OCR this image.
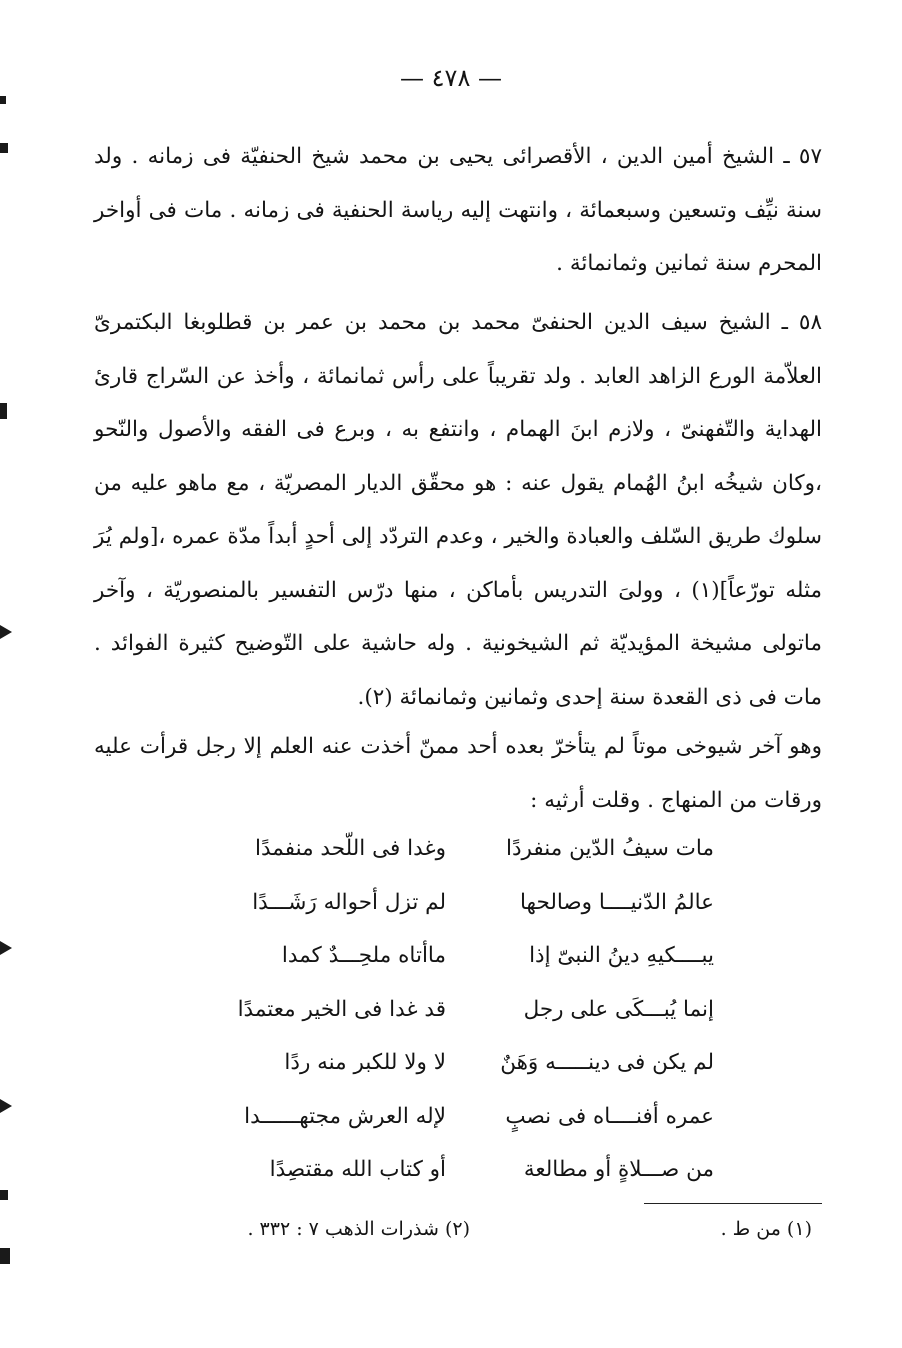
— ٤٧٨ —
٥٧ ـ الشيخ أمين الدين ، الأقصرائى يحيى بن محمد شيخ الحنفيّة فى زمانه . ولد سنة نيِّف وتسعين وسبعمائة ، وانتهت إليه رياسة الحنفية فى زمانه . مات فى أواخر المحرم سنة ثمانين وثمانمائة .
٥٨ ـ الشيخ سيف الدين الحنفىّ محمد بن محمد بن عمر بن قطلوبغا البكتمرىّ العلاّمة الورع الزاهد العابد . ولد تقريباً على رأس ثمانمائة ، وأخذ عن السّراج قارئ الهداية والتّفهنىّ ، ولازم ابنَ الهمام ، وانتفع به ، وبرع فى الفقه والأصول والنّحو ،وكان شيخُه ابنُ الهُمام يقول عنه : هو محقّق الديار المصريّة ، مع ماهو عليه من سلوك طريق السّلف والعبادة والخير ، وعدم التردّد إلى أحدٍ أبداً مدّة عمره ،[ولم يُرَ مثله تورّعاً](١) ، وولىَ التدريس بأماكن ، منها درّس التفسير بالمنصوريّة ، وآخر ماتولى مشيخة المؤيديّة ثم الشيخونية . وله حاشية على التّوضيح كثيرة الفوائد . مات فى ذى القعدة سنة إحدى وثمانين وثمانمائة (٢).
وهو آخر شيوخى موتاً لم يتأخرّ بعده أحد ممنّ أخذت عنه العلم إلا رجل قرأت عليه ورقات من المنهاج . وقلت أرثيه :
مات سيفُ الدّين منفردًا
وغدا فى اللّحد منفمدًا
عالمُ الدّنيــــا وصالحها
لم تزل أحواله رَشَـــدًا
يبــــكيهِ دينُ النبىّ إذا
ماأتاه ملحِـــدٌ كمدا
إنما يُبـــكَى على رجل
قد غدا فى الخير معتمدًا
لم يكن فى دينـــــه وَهَنٌ
لا ولا للكبر منه ردًا
عمره أفنــــاه فى نصبٍ
لإله العرش مجتهــــــدا
من صـــلاةٍ أو مطالعة
أو كتاب الله مقتصِدًا
(١) من ط .
(٢) شذرات الذهب ٧ : ٣٣٢ .
